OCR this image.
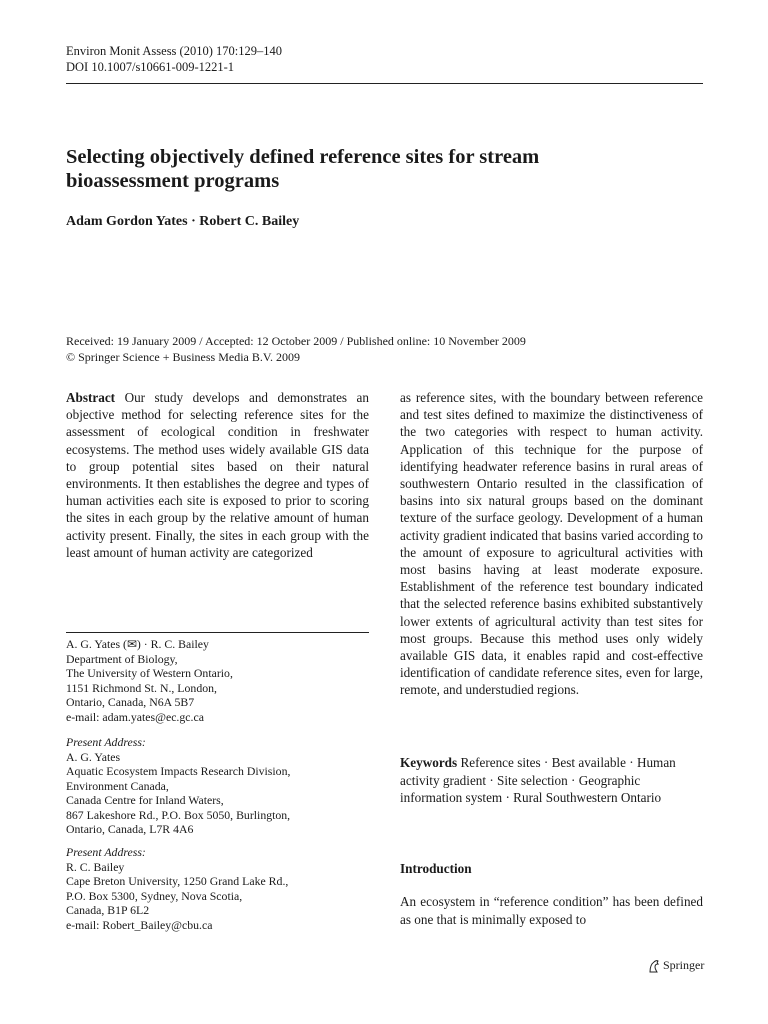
Environ Monit Assess (2010) 170:129–140
DOI 10.1007/s10661-009-1221-1
Selecting objectively defined reference sites for stream
bioassessment programs
Adam Gordon Yates · Robert C. Bailey
Received: 19 January 2009 / Accepted: 12 October 2009 / Published online: 10 November 2009
© Springer Science + Business Media B.V. 2009
Abstract Our study develops and demonstrates an objective method for selecting reference sites for the assessment of ecological condition in freshwater ecosystems. The method uses widely available GIS data to group potential sites based on their natural environments. It then establishes the degree and types of human activities each site is exposed to prior to scoring the sites in each group by the relative amount of human activity present. Finally, the sites in each group with the least amount of human activity are categorized
as reference sites, with the boundary between reference and test sites defined to maximize the distinctiveness of the two categories with respect to human activity. Application of this technique for the purpose of identifying headwater reference basins in rural areas of southwestern Ontario resulted in the classification of basins into six natural groups based on the dominant texture of the surface geology. Development of a human activity gradient indicated that basins varied according to the amount of exposure to agricultural activities with most basins having at least moderate exposure. Establishment of the reference test boundary indicated that the selected reference basins exhibited substantively lower extents of agricultural activity than test sites for most groups. Because this method uses only widely available GIS data, it enables rapid and cost-effective identification of candidate reference sites, even for large, remote, and understudied regions.
A. G. Yates (✉) · R. C. Bailey
Department of Biology,
The University of Western Ontario,
1151 Richmond St. N., London,
Ontario, Canada, N6A 5B7
e-mail: adam.yates@ec.gc.ca
Present Address:
A. G. Yates
Aquatic Ecosystem Impacts Research Division,
Environment Canada,
Canada Centre for Inland Waters,
867 Lakeshore Rd., P.O. Box 5050, Burlington,
Ontario, Canada, L7R 4A6
Present Address:
R. C. Bailey
Cape Breton University, 1250 Grand Lake Rd.,
P.O. Box 5300, Sydney, Nova Scotia,
Canada, B1P 6L2
e-mail: Robert_Bailey@cbu.ca
Keywords Reference sites · Best available · Human activity gradient · Site selection · Geographic information system · Rural Southwestern Ontario
Introduction
An ecosystem in “reference condition” has been defined as one that is minimally exposed to
Springer
